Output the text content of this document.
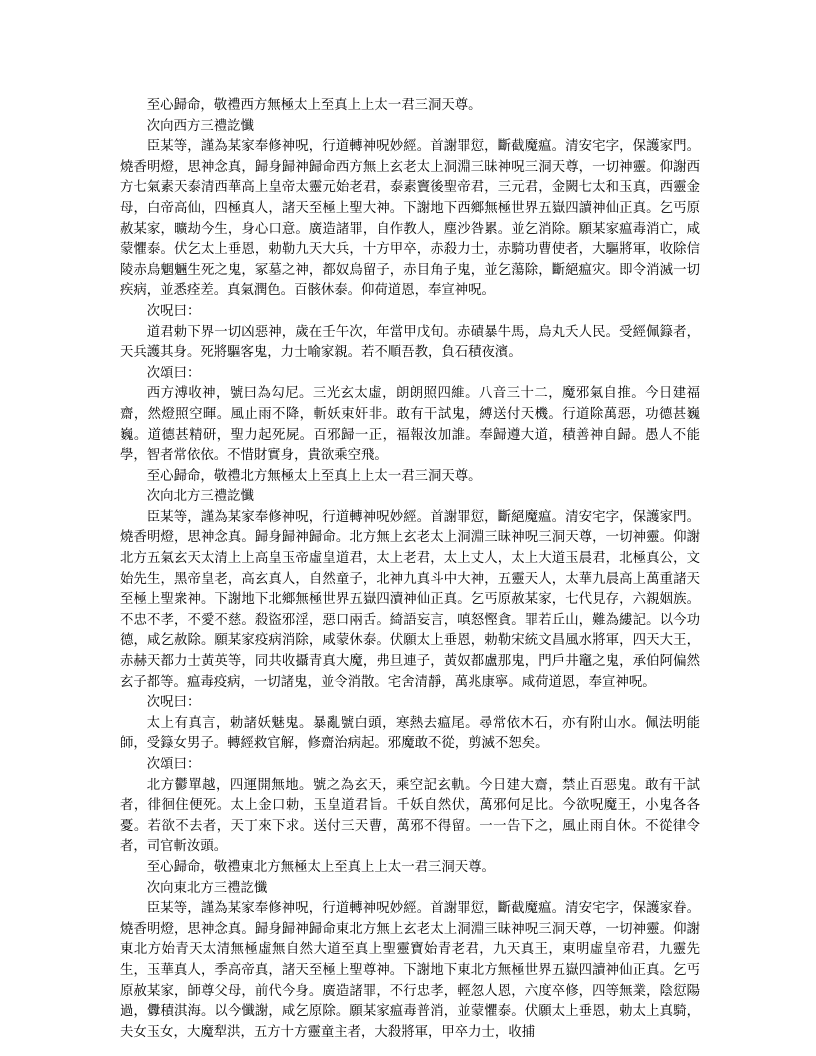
至心歸命，敬禮西方無極太上至真上上太一君三洞天尊。

次向西方三禮訖懺

臣某等，謹為某家奉修神呪，行道轉神呪妙經。首謝罪愆，斷截魔瘟。清安宅字，保護家門。燒香明燈，思神念真，歸身歸神歸命西方無上玄老太上洞淵三昧神呪三洞天尊，一切神靈。仰謝西方七氣素天泰清西華高上皇帝太靈元始老君，泰素竇後聖帝君，三元君，金闕七太和玉真，西靈金母，白帝高仙，四極真人，諸天至極上聖大神。下謝地下西鄉無極世界五嶽四讀神仙正真。乞丐原赦某家，曠劫今生，身心口意。廣造諸罪，自作教人，塵沙咎累。並乞消除。願某家瘟毒消亡，咸蒙懼泰。伏乞太上垂恩，勅勒九天大兵，十方甲卒，赤殺力士，赤騎功曹使者，大驅將軍，收除信陵赤烏魍魎生死之鬼，冢墓之神，都奴烏留子，赤目角子鬼，並乞蕩除，斷絕瘟灾。即令消滅一切疾病，並悉痊差。真氣潤色。百骸休泰。仰荷道恩，奉宣神呪。

次呪曰：

道君勅下界一切凶惡神，歲在壬午次，年當甲戊旬。赤磧暴牛馬，烏丸夭人民。受經佩籙者，天兵護其身。死將驅客鬼，力士喻家親。若不順吾教，負石積夜濱。

次頌曰：

西方溥收神，號曰為勾尼。三光玄太虛，朗朗照四維。八音三十二，魔邪氣自推。今日建福齋，然燈照空暉。風止雨不降，斬妖束奸非。敢有干試鬼，縛送付天機。行道除萬惡，功德甚巍巍。道德甚精研，聖力起死屍。百邪歸一正，福報汝加誰。奉歸遵大道，積善神自歸。愚人不能學，智者常依依。不惜財實身，貴欲乘空飛。

至心歸命，敬禮北方無極太上至真上上太一君三洞天尊。

次向北方三禮訖懺

臣某等，謹為某家奉修神呪，行道轉神呪妙經。首謝罪愆，斷絕魔瘟。清安宅字，保護家門。燒香明燈，思神念真。歸身歸神歸命。北方無上玄老太上洞淵三昧神呪三洞天尊，一切神靈。仰謝北方五氣玄天太清上上高皇玉帝虛皇道君，太上老君，太上丈人，太上大道玉晨君，北極真公，文始先生，黑帝皇老，高玄真人，自然童子，北神九真斗中大神，五靈天人，太華九晨高上萬重諸天至極上聖衆神。下謝地下北鄉無極世界五嶽四瀆神仙正真。乞丐原赦某家，七代見存，六親姻族。不忠不孝，不愛不慈。殺盜邪淫，惡口兩舌。綺語妄言，嗔怒慳貪。罪若丘山，難為縷記。以今功德，咸乞赦除。願某家疫病消除，咸蒙休泰。伏願太上垂恩，勅勒宋統文昌風水將軍，四天大王，赤赫天都力士黃英等，同共收攝青真大魔，弗旦連子，黃奴都盧那鬼，門戶井竈之鬼，承伯阿偏然玄子都等。瘟毒疫病，一切諸鬼，並令消散。宅舍清靜，萬兆康寧。咸荷道恩，奉宣神呪。

次呪曰：

太上有真言，勅諸妖魅鬼。暴亂號白頭，寒熱去瘟尾。尋常依木石，亦有附山水。佩法明能師，受籙女男子。轉經救官解，修齋治病起。邪魔敢不從，剪滅不恕矣。

次頌曰：

北方鬱單越，四運開無地。號之為玄天，乘空記玄軌。今日建大齋，禁止百惡鬼。敢有干試者，徘徊住便死。太上金口勅，玉皇道君旨。千妖自然伏，萬邪何足比。今欲呪魔王，小鬼各各憂。若欲不去者，天丁來下求。送付三天曹，萬邪不得留。一一告下之，風止雨自休。不從律令者，司官斬汝頭。

至心歸命，敬禮東北方無極太上至真上上太一君三洞天尊。

次向東北方三禮訖懺

臣某等，謹為某家奉修神呪，行道轉神呪妙經。首謝罪愆，斷截魔瘟。清安宅字，保護家眷。燒香明燈，思神念真。歸身歸神歸命東北方無上玄老太上洞淵三昧神呪三洞天尊，一切神靈。仰謝東北方始青天太清無極虛無自然大道至真上聖靈寶始青老君，九天真王，東明虛皇帝君，九靈先生，玉華真人，季高帝真，諸天至極上聖尊神。下謝地下東北方無極世界五嶽四讀神仙正真。乞丐原赦某家，師尊父母，前代今身。廣造諸罪，不行忠孝，輕忽人恩，六度卒修，四等無業，陰愆陽過，釁積淇海。以今懺謝，咸乞原除。願某家瘟毒普消，並蒙懼泰。伏願太上垂恩，勅太上真騎，夫女玉女，大魔犁洪，五方十方靈童主者，大殺將軍，甲卒力士，收捕
